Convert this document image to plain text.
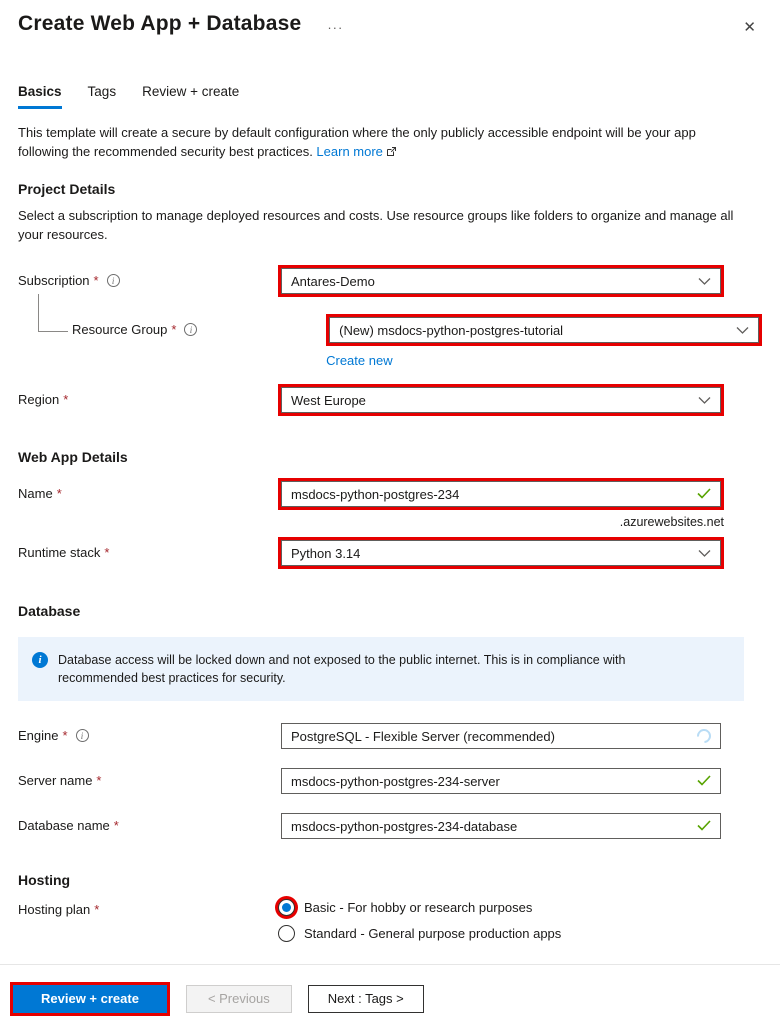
Create Web App + Database ···	✕
Basics Tags Review + create
This template will create a secure by default configuration where the only publicly accessible endpoint will be your app following the recommended security best practices. Learn more
Project Details
Select a subscription to manage deployed resources and costs. Use resource groups like folders to organize and manage all your resources.
Subscription *	i	Antares-Demo
Resource Group *	i	(New) msdocs-python-postgres-tutorial
Create new
Region *	West Europe
Web App Details
Name *	msdocs-python-postgres-234
.azurewebsites.net
Runtime stack *	Python 3.14
Database
i	Database access will be locked down and not exposed to the public internet. This is in compliance with recommended best practices for security.
Engine *	i	PostgreSQL - Flexible Server (recommended)
Server name *	msdocs-python-postgres-234-server
Database name *	msdocs-python-postgres-234-database
Hosting
Hosting plan *	Basic - For hobby or research purposes
Standard - General purpose production apps
Review + create	< Previous	Next : Tags >
